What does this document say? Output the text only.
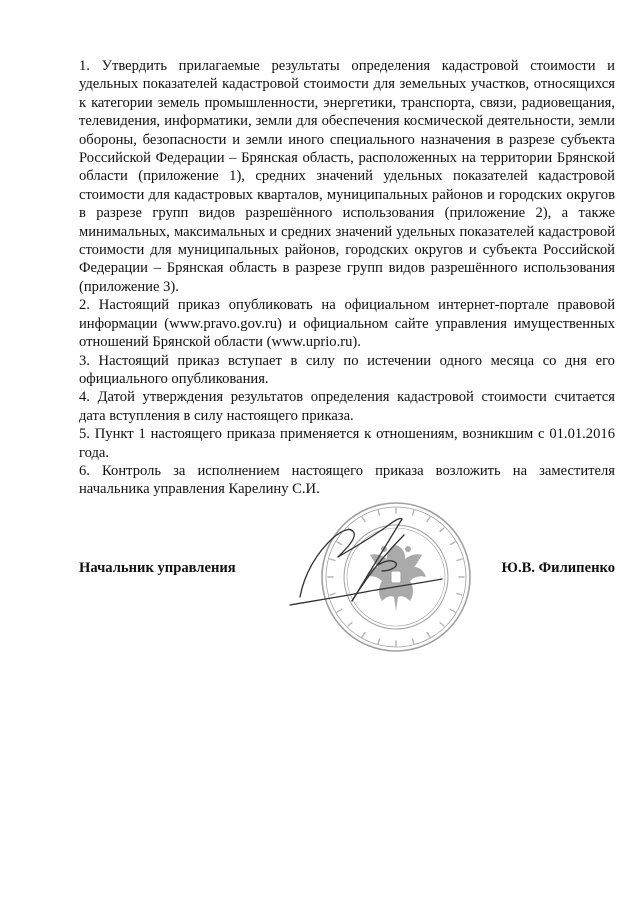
1. Утвердить прилагаемые результаты определения кадастровой стоимости и удельных показателей кадастровой стоимости для земельных участков, относящихся к категории земель промышленности, энергетики, транспорта, связи, радиовещания, телевидения, информатики, земли для обеспечения космической деятельности, земли обороны, безопасности и земли иного специального назначения в разрезе субъекта Российской Федерации – Брянская область, расположенных на территории Брянской области (приложение 1), средних значений удельных показателей кадастровой стоимости для кадастровых кварталов, муниципальных районов и городских округов в разрезе групп видов разрешённого использования (приложение 2), а также минимальных, максимальных и средних значений удельных показателей кадастровой стоимости для муниципальных районов, городских округов и субъекта Российской Федерации – Брянская область в разрезе групп видов разрешённого использования (приложение 3).

2. Настоящий приказ опубликовать на официальном интернет-портале правовой информации (www.pravo.gov.ru) и официальном сайте управления имущественных отношений Брянской области (www.uprio.ru).

3. Настоящий приказ вступает в силу по истечении одного месяца со дня его официального опубликования.

4. Датой утверждения результатов определения кадастровой стоимости считается дата вступления в силу настоящего приказа.

5. Пункт 1 настоящего приказа применяется к отношениям, возникшим с 01.01.2016 года.

6. Контроль за исполнением настоящего приказа возложить на заместителя начальника управления Карелину С.И.

Начальник управления	Ю.В. Филипенко
